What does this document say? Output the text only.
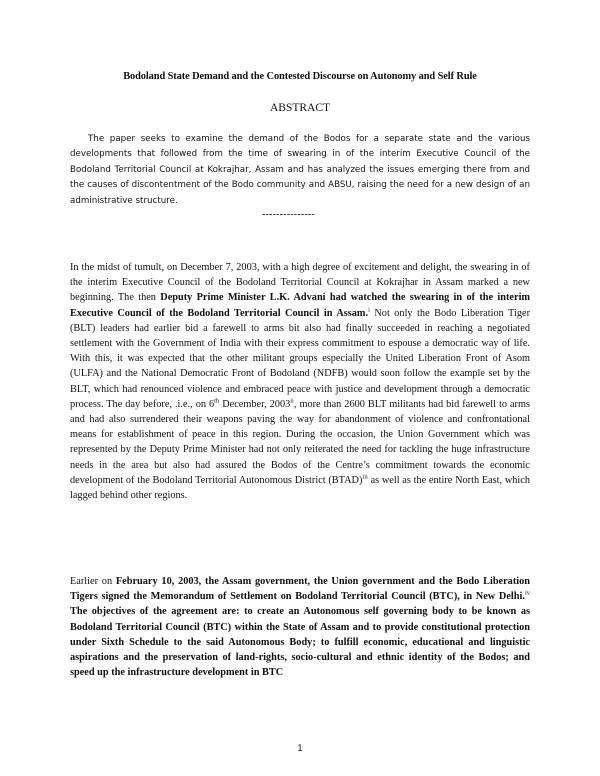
Bodoland State Demand and the Contested Discourse on Autonomy and Self Rule
ABSTRACT

The paper seeks to examine the demand of the Bodos for a separate state and the various developments that followed from the time of swearing in of the interim Executive Council of the Bodoland Territorial Council at Kokrajhar, Assam and has analyzed the issues emerging there from and the causes of discontentment of the Bodo community and ABSU, raising the need for a new design of an administrative structure.

---------------

In the midst of tumult, on December 7, 2003, with a high degree of excitement and delight, the swearing in of the interim Executive Council of the Bodoland Territorial Council at Kokrajhar in Assam marked a new beginning. The then Deputy Prime Minister L.K. Advani had watched the swearing in of the interim Executive Council of the Bodoland Territorial Council in Assam.$^i$ Not only the Bodo Liberation Tiger (BLT) leaders had earlier bid a farewell to arms bit also had finally succeeded in reaching a negotiated settlement with the Government of India with their express commitment to espouse a democratic way of life. With this, it was expected that the other militant groups especially the United Liberation Front of Asom (ULFA) and the National Democratic Front of Bodoland (NDFB) would soon follow the example set by the BLT, which had renounced violence and embraced peace with justice and development through a democratic process. The day before, .i.e., on 6th December, 2003$^{ii}$, more than 2600 BLT militants had bid farewell to arms and had also surrendered their weapons paving the way for abandonment of violence and confrontational means for establishment of peace in this region. During the occasion, the Union Government which was represented by the Deputy Prime Minister had not only reiterated the need for tackling the huge infrastructure needs in the area but also had assured the Bodos of the Centre’s commitment towards the economic development of the Bodoland Territorial Autonomous District (BTAD)$^{iii}$ as well as the entire North East, which lagged behind other regions.

Earlier on February 10, 2003, the Assam government, the Union government and the Bodo Liberation Tigers signed the Memorandum of Settlement on Bodoland Territorial Council (BTC), in New Delhi.$^{iv}$ The objectives of the agreement are: to create an Autonomous self governing body to be known as Bodoland Territorial Council (BTC) within the State of Assam and to provide constitutional protection under Sixth Schedule to the said Autonomous Body; to fulfill economic, educational and linguistic aspirations and the preservation of land-rights, socio-cultural and ethnic identity of the Bodos; and speed up the infrastructure development in BTC

1
